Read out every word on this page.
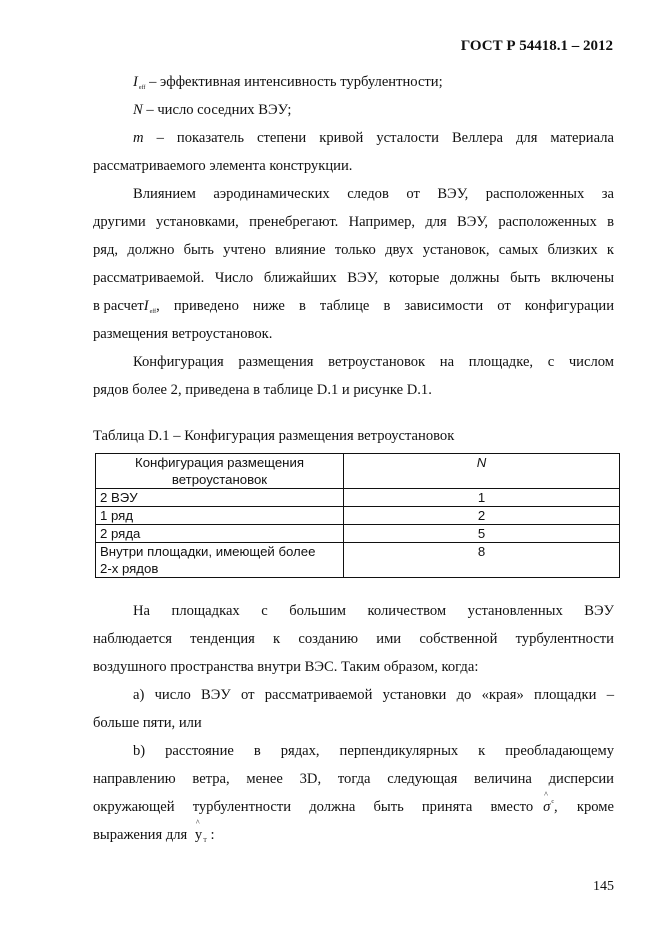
ГОСТ Р 54418.1 – 2012
$I_{eff}$ – эффективная интенсивность турбулентности;
N – число соседних ВЭУ;
m – показатель степени кривой усталости Веллера для материала
рассматриваемого элемента конструкции.
Влиянием аэродинамических следов от ВЭУ, расположенных за
другими установками, пренебрегают. Например, для ВЭУ, расположенных в
ряд, должно быть учтено влияние только двух установок, самых близких к
рассматриваемой. Число ближайших ВЭУ, которые должны быть включены
в расчет $I_{eff}$ , приведено ниже в таблице в зависимости от конфигурации
размещения ветроустановок.
Конфигурация размещения ветроустановок на площадке, с числом
рядов более 2, приведена в таблице D.1 и рисунке D.1.
Таблица D.1 – Конфигурация размещения ветроустановок
Конфигурация размещения
ветроустановок	N
2 ВЭУ	1
1 ряд	2
2 ряда	5

Внутри площадки, имеющей более
2-х рядов	8
На площадках с большим количеством установленных ВЭУ
наблюдается тенденция к созданию ими собственной турбулентности
воздушного пространства внутри ВЭС. Таким образом, когда:
а) число ВЭУ от рассматриваемой установки до «края» площадки –
больше пяти, или
b) расстояние в рядах, перпендикулярных к преобладающему
направлению ветра, менее 3D, тогда следующая величина дисперсии
окружающей турбулентности должна быть принята вместо ^ σ c , кроме
выражения для ^ $y_T$ :
145
